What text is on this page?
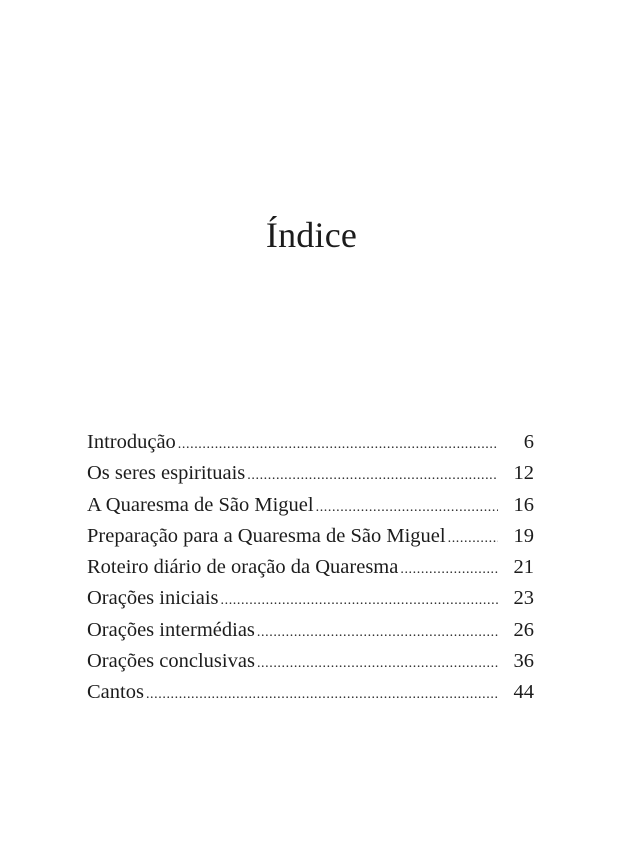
Índice
Introdução .....	6
Os seres espirituais .....	12
A Quaresma de São Miguel .....	16
Preparação para a Quaresma de São Miguel .....	19
Roteiro diário de oração da Quaresma .....	21
Orações iniciais .....	23
Orações intermédias .....	26
Orações conclusivas .....	36
Cantos .....	44
